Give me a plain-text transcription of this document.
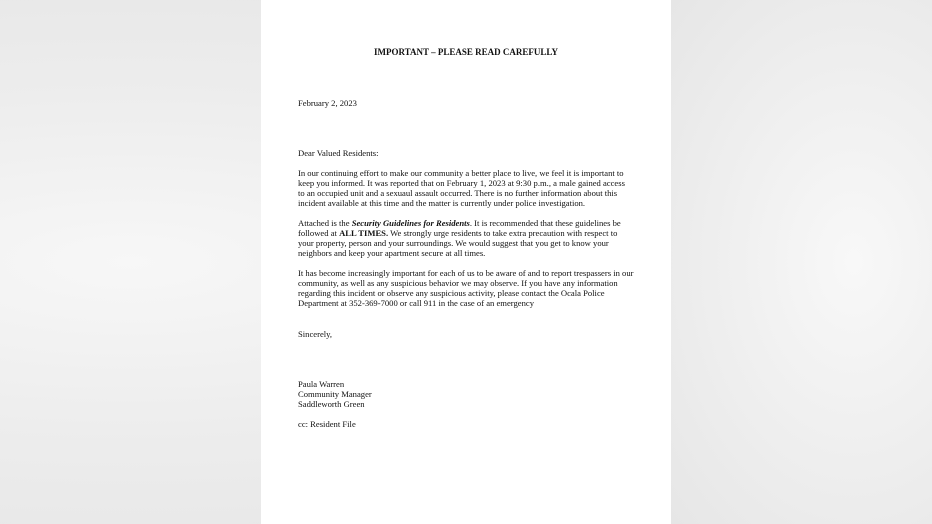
IMPORTANT – PLEASE READ CAREFULLY
February 2, 2023
Dear Valued Residents:
In our continuing effort to make our community a better place to live, we feel it is important to
keep you informed. It was reported that on February 1, 2023 at 9:30 p.m., a male gained access
to an occupied unit and a sexuaul assault occurred. There is no further information about this
incident available at this time and the matter is currently under police investigation.
Attached is the Security Guidelines for Residents. It is recommended that these guidelines be
followed at ALL TIMES. We strongly urge residents to take extra precaution with respect to
your property, person and your surroundings. We would suggest that you get to know your
neighbors and keep your apartment secure at all times.
It has become increasingly important for each of us to be aware of and to report trespassers in our
community, as well as any suspicious behavior we may observe. If you have any information
regarding this incident or observe any suspicious activity, please contact the Ocala Police
Department at 352-369-7000 or call 911 in the case of an emergency
Sincerely,
Paula Warren
Community Manager
Saddleworth Green
cc: Resident File
